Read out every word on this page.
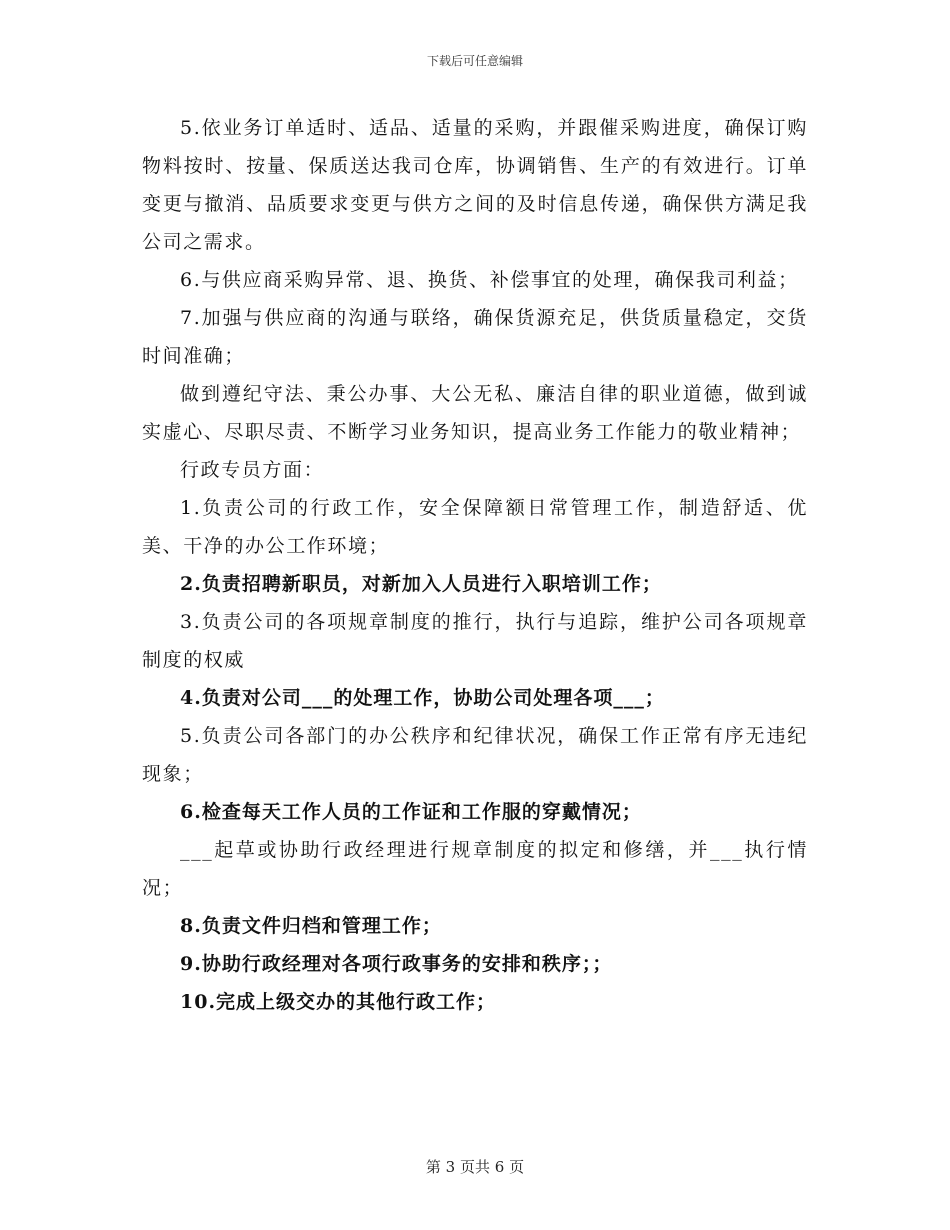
下载后可任意编辑

5.依业务订单适时、适品、适量的采购，并跟催采购进度，确保订购物料按时、按量、保质送达我司仓库，协调销售、生产的有效进行。订单变更与撤消、品质要求变更与供方之间的及时信息传递，确保供方满足我公司之需求。

6.与供应商采购异常、退、换货、补偿事宜的处理，确保我司利益；

7.加强与供应商的沟通与联络，确保货源充足，供货质量稳定，交货时间准确；

做到遵纪守法、秉公办事、大公无私、廉洁自律的职业道德，做到诚实虚心、尽职尽责、不断学习业务知识，提高业务工作能力的敬业精神；

行政专员方面：

1.负责公司的行政工作，安全保障额日常管理工作，制造舒适、优美、干净的办公工作环境；

2.负责招聘新职员，对新加入人员进行入职培训工作；

3.负责公司的各项规章制度的推行，执行与追踪，维护公司各项规章制度的权威

4.负责对公司___的处理工作，协助公司处理各项___；

5.负责公司各部门的办公秩序和纪律状况，确保工作正常有序无违纪现象；

6.检查每天工作人员的工作证和工作服的穿戴情况；

___起草或协助行政经理进行规章制度的拟定和修缮，并___执行情况；

8.负责文件归档和管理工作；

9.协助行政经理对各项行政事务的安排和秩序；；

10.完成上级交办的其他行政工作；

第 3 页共 6 页
